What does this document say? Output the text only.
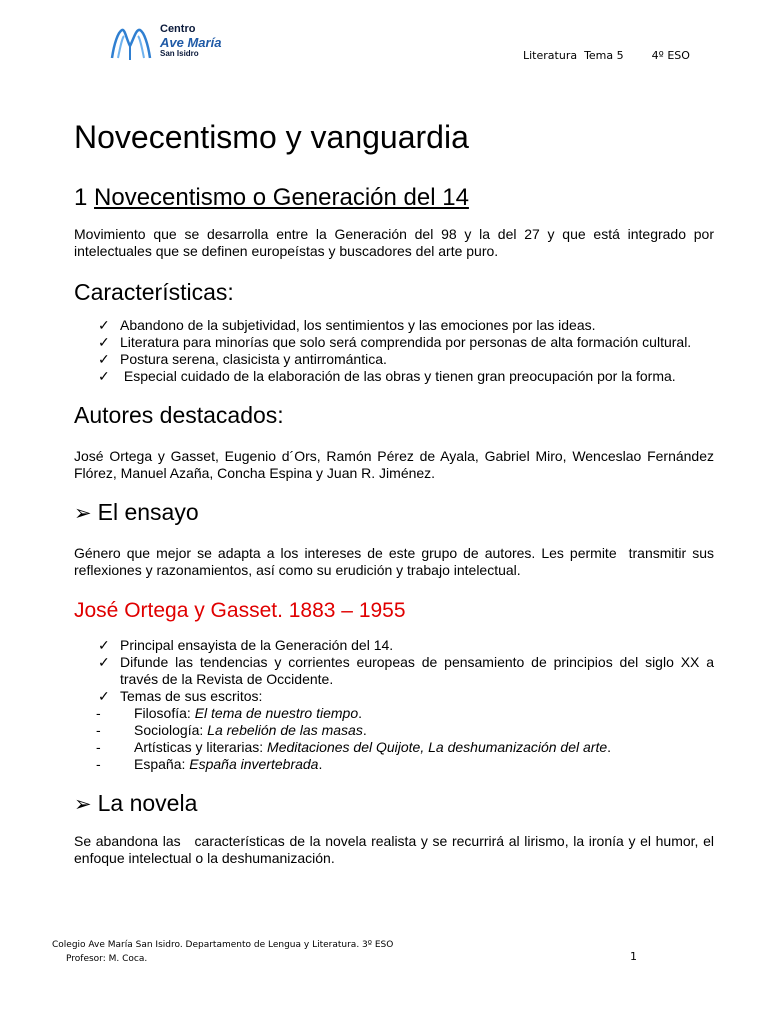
Centro
Ave María
San Isidro	Literatura  Tema 5	4º ESO
Novecentismo y vanguardia
1 Novecentismo o Generación del 14

Movimiento que se desarrolla entre la Generación del 98 y la del 27 y que está integrado por intelectuales que se definen europeístas y buscadores del arte puro.

Características:
✓ Abandono de la subjetividad, los sentimientos y las emociones por las ideas.
✓ Literatura para minorías que solo será comprendida por personas de alta formación cultural.
✓ Postura serena, clasicista y antirromántica.
✓ Especial cuidado de la elaboración de las obras y tienen gran preocupación por la forma.
Autores destacados:

José Ortega y Gasset, Eugenio d´Ors, Ramón Pérez de Ayala, Gabriel Miro, Wenceslao Fernández Flórez, Manuel Azaña, Concha Espina y Juan R. Jiménez.

➢ El ensayo

Género que mejor se adapta a los intereses de este grupo de autores. Les permite  transmitir sus reflexiones y razonamientos, así como su erudición y trabajo intelectual.

José Ortega y Gasset. 1883 – 1955
✓ Principal ensayista de la Generación del 14.
✓ Difunde las tendencias y corrientes europeas de pensamiento de principios del siglo XX a través de la Revista de Occidente.
✓ Temas de sus escritos:
- Filosofía: El tema de nuestro tiempo.
- Sociología: La rebelión de las masas.
- Artísticas y literarias: Meditaciones del Quijote, La deshumanización del arte.
- España: España invertebrada.
➢ La novela

Se abandona las   características de la novela realista y se recurrirá al lirismo, la ironía y el humor, el enfoque intelectual o la deshumanización.

Colegio Ave María San Isidro. Departamento de Lengua y Literatura. 3º ESO
Profesor: M. Coca.	1
